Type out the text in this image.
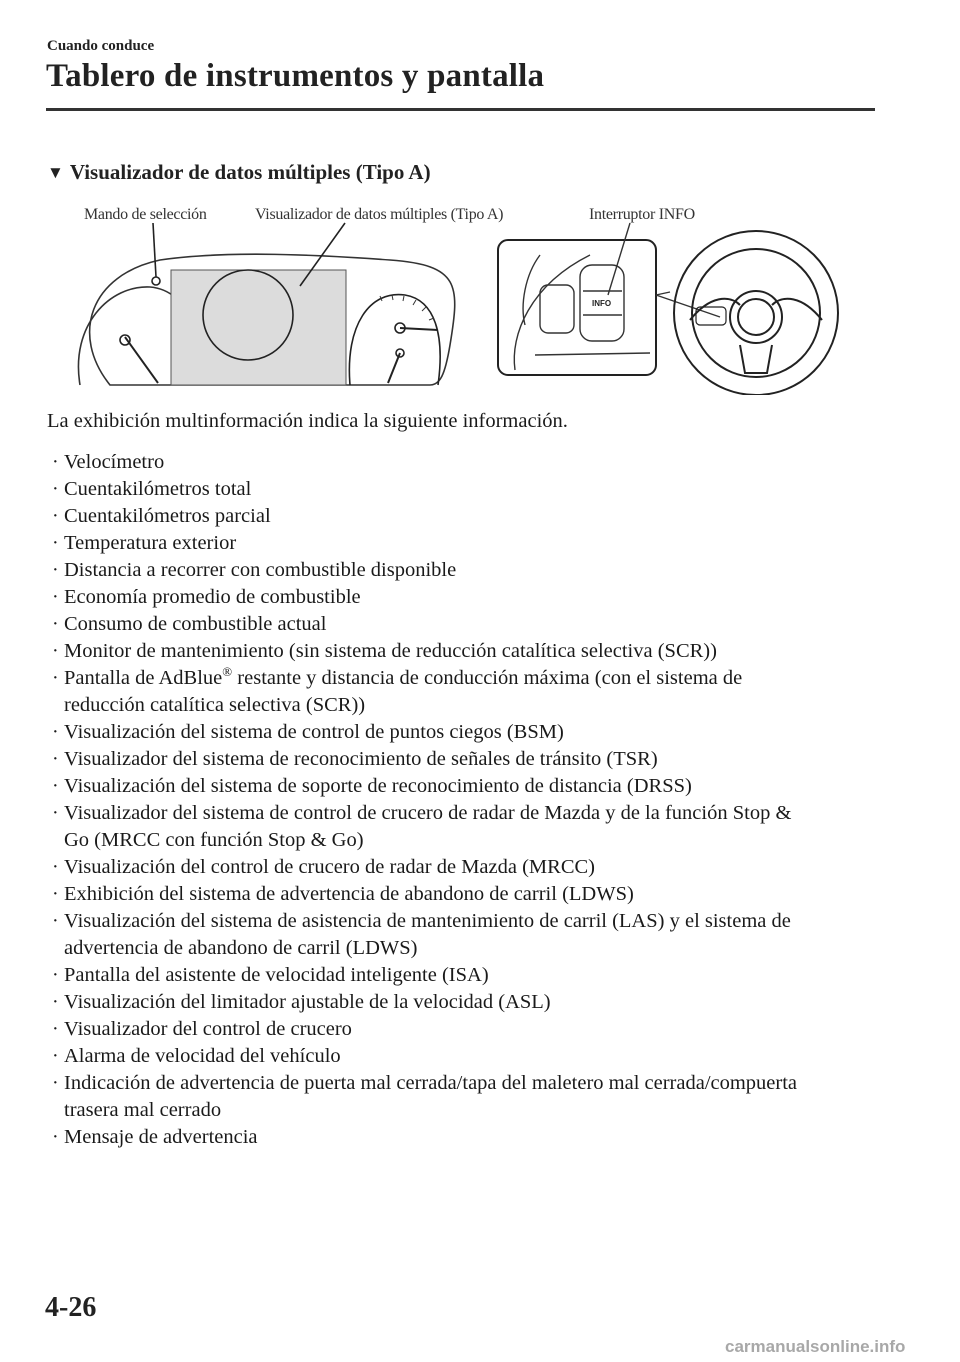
Cuando conduce
Tablero de instrumentos y pantalla
▼ Visualizador de datos múltiples (Tipo A)
Mando de selección	Visualizador de datos múltiples (Tipo A)	Interruptor INFO
INFO
La exhibición multinformación indica la siguiente información.
· Velocímetro
· Cuentakilómetros total
· Cuentakilómetros parcial
· Temperatura exterior
· Distancia a recorrer con combustible disponible
· Economía promedio de combustible
· Consumo de combustible actual
· Monitor de mantenimiento (sin sistema de reducción catalítica selectiva (SCR))
· Pantalla de AdBlue® restante y distancia de conducción máxima (con el sistema de
reducción catalítica selectiva (SCR))
· Visualización del sistema de control de puntos ciegos (BSM)
· Visualizador del sistema de reconocimiento de señales de tránsito (TSR)
· Visualización del sistema de soporte de reconocimiento de distancia (DRSS)
· Visualizador del sistema de control de crucero de radar de Mazda y de la función Stop &
Go (MRCC con función Stop & Go)
· Visualización del control de crucero de radar de Mazda (MRCC)
· Exhibición del sistema de advertencia de abandono de carril (LDWS)
· Visualización del sistema de asistencia de mantenimiento de carril (LAS) y el sistema de
advertencia de abandono de carril (LDWS)
· Pantalla del asistente de velocidad inteligente (ISA)
· Visualización del limitador ajustable de la velocidad (ASL)
· Visualizador del control de crucero
· Alarma de velocidad del vehículo
· Indicación de advertencia de puerta mal cerrada/tapa del maletero mal cerrada/compuerta
trasera mal cerrado
· Mensaje de advertencia
4-26
carmanualsonline.info
